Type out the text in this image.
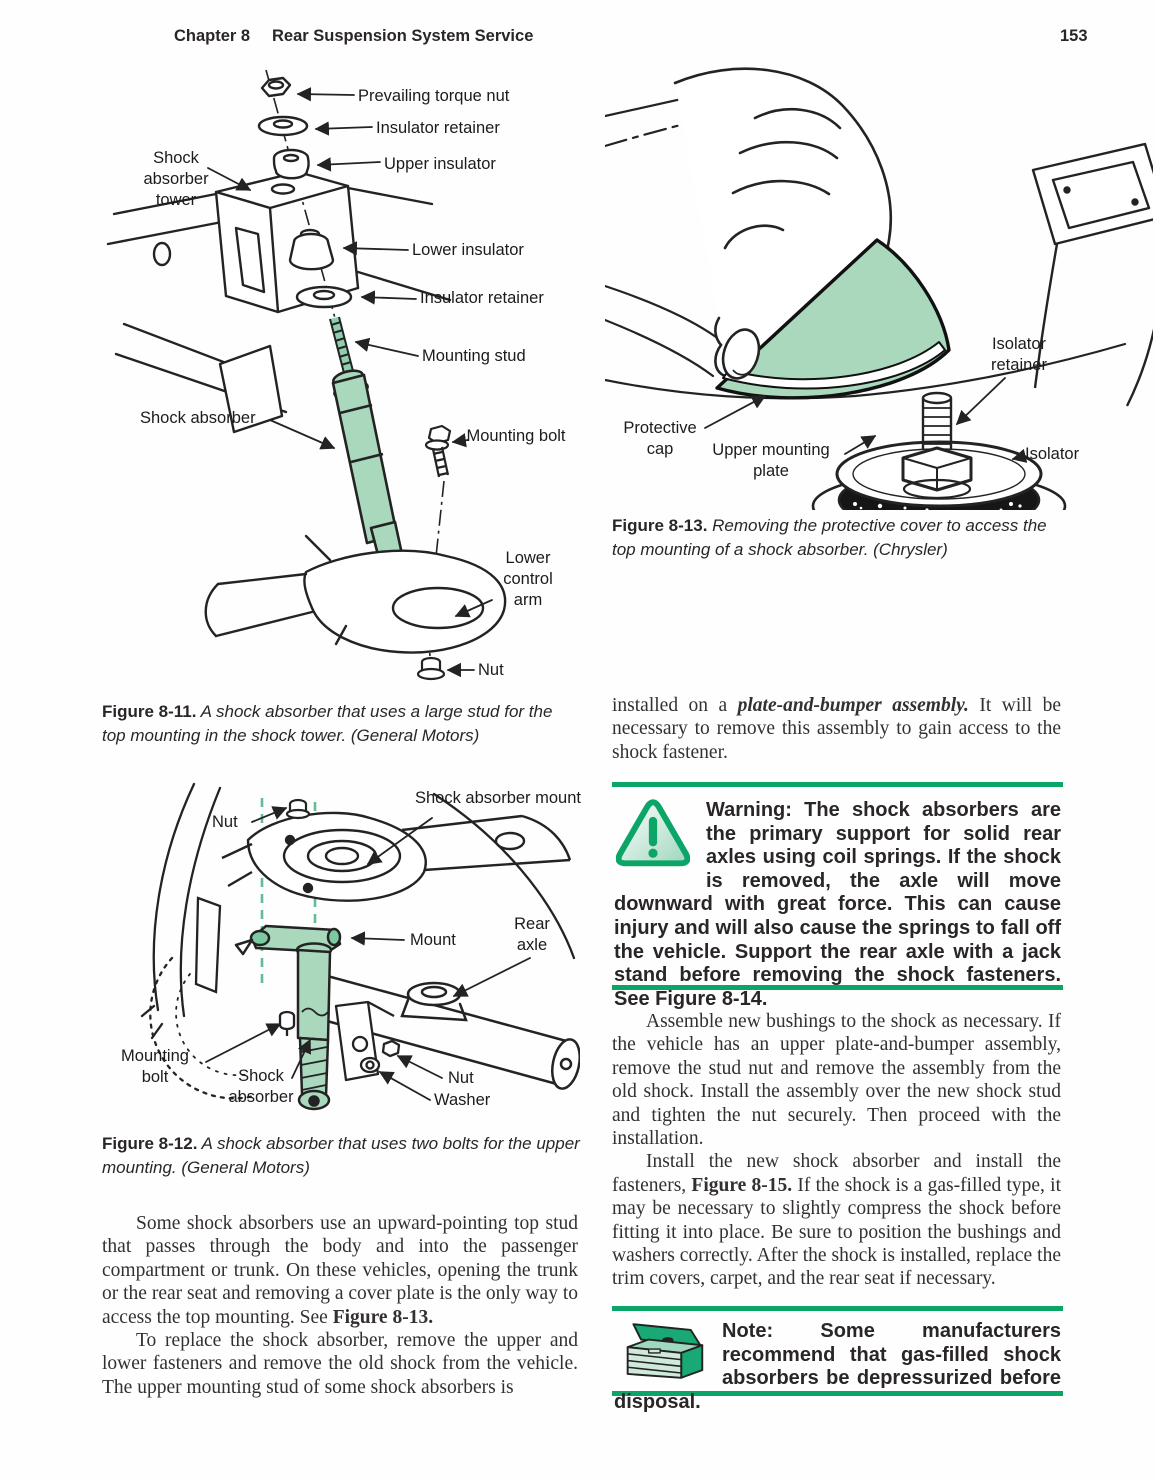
Chapter 8 Rear Suspension System Service	153
Prevailing torque nut
Insulator retainer
Upper insulator
Shock absorber tower
Lower insulator
Insulator retainer
Mounting stud
Shock absorber
Mounting bolt
Lower control arm
Nut

Figure 8-11. A shock absorber that uses a large stud for the top mounting in the shock tower. (General Motors)

Isolator retainer
Protective cap	Upper mounting plate
Isolator

Figure 8-13. Removing the protective cover to access the top mounting of a shock absorber. (Chrysler)

installed on a plate-and-bumper assembly. It will be necessary to remove this assembly to gain access to the shock fastener.

Warning: The shock absorbers are the primary support for solid rear axles using coil springs. If the shock is removed, the axle will move downward with great force. This can cause injury and will also cause the springs to fall off the vehicle. Support the rear axle with a jack stand before removing the shock fasteners. See Figure 8-14.

Assemble new bushings to the shock as necessary. If the vehicle has an upper plate-and-bumper assembly, remove the stud nut and remove the assembly from the old shock. Install the assembly over the new shock stud and tighten the nut securely. Then proceed with the installation.

Install the new shock absorber and install the fasteners, Figure 8-15. If the shock is a gas-filled type, it may be necessary to slightly compress the shock before fitting it into place. Be sure to position the bushings and washers correctly. After the shock is installed, replace the trim covers, carpet, and the rear seat if necessary.

Note: Some manufacturers recommend that gas-filled shock absorbers be depressurized before disposal.

Nut
Shock absorber mount
Mount
Rear axle
Mounting bolt	Shock absorber
Nut
Washer

Figure 8-12. A shock absorber that uses two bolts for the upper mounting. (General Motors)

Some shock absorbers use an upward-pointing top stud that passes through the body and into the passenger compartment or trunk. On these vehicles, opening the trunk or the rear seat and removing a cover plate is the only way to access the top mounting. See Figure 8-13.

To replace the shock absorber, remove the upper and lower fasteners and remove the old shock from the vehicle. The upper mounting stud of some shock absorbers is
